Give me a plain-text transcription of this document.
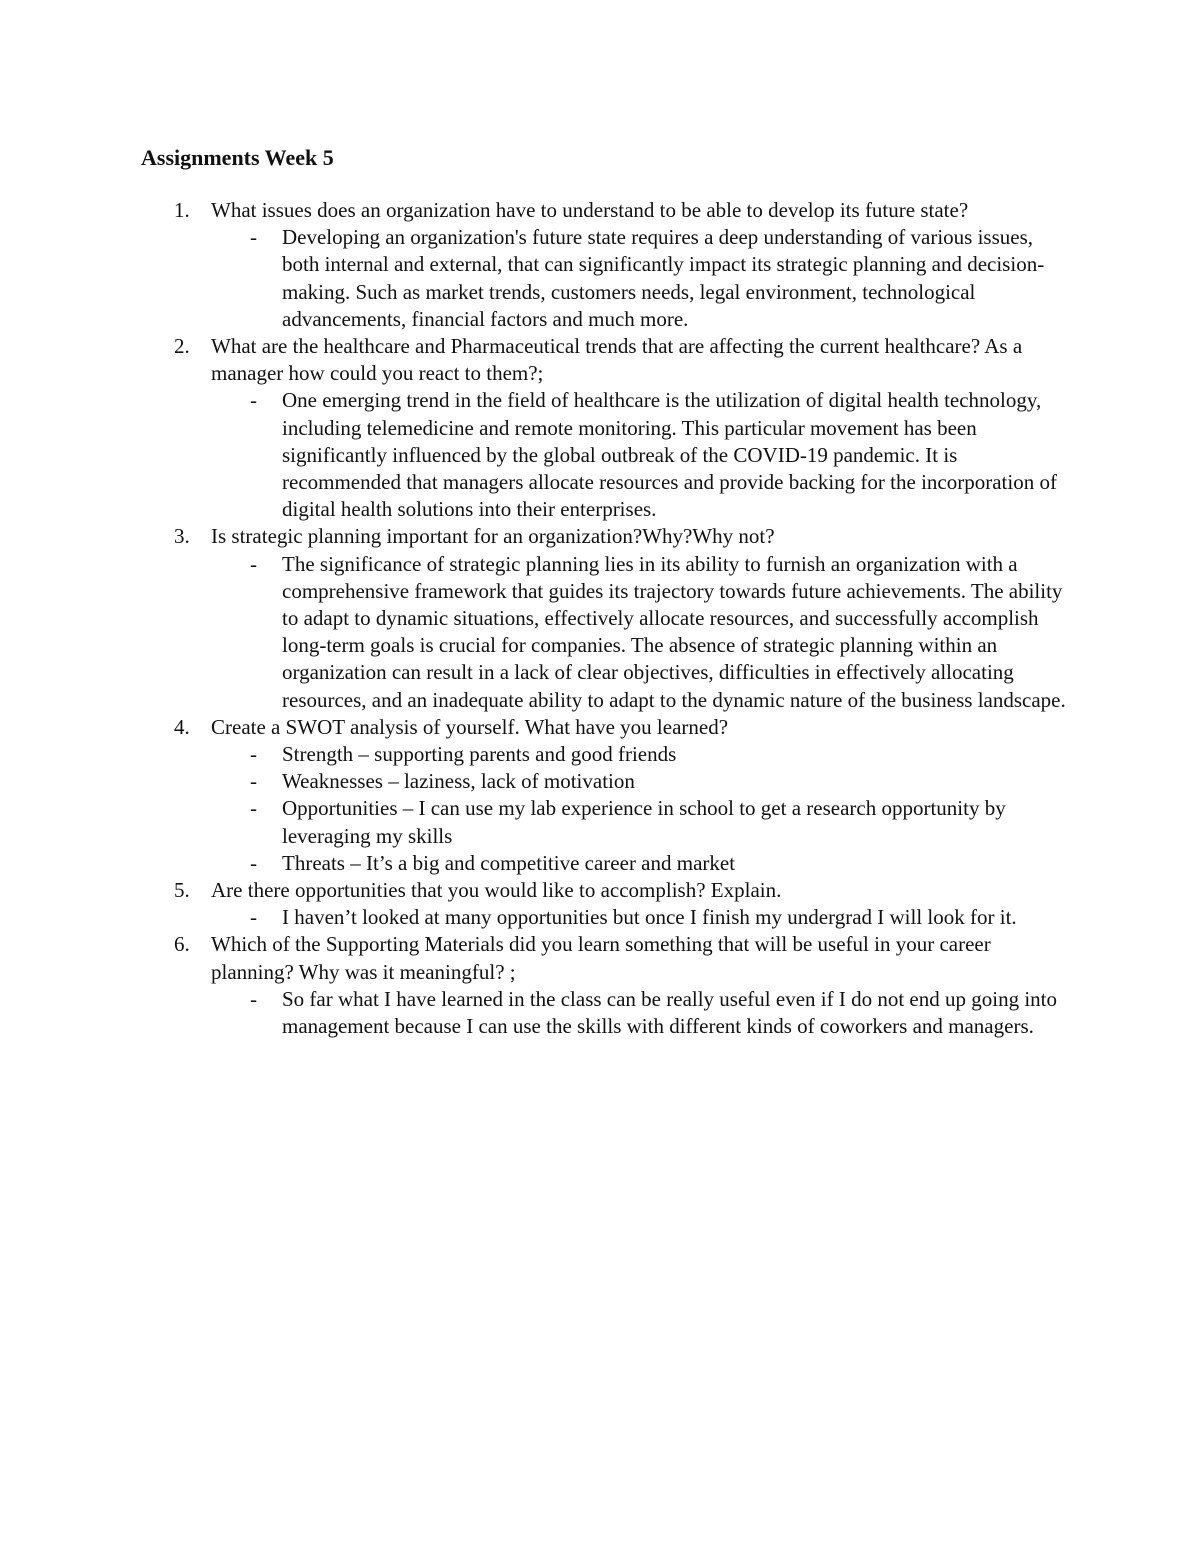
Assignments Week 5
1. What issues does an organization have to understand to be able to develop its future state?
- Developing an organization's future state requires a deep understanding of various issues, both internal and external, that can significantly impact its strategic planning and decision-making. Such as market trends, customers needs, legal environment, technological advancements, financial factors and much more.
2. What are the healthcare and Pharmaceutical trends that are affecting the current healthcare? As a manager how could you react to them?;
- One emerging trend in the field of healthcare is the utilization of digital health technology, including telemedicine and remote monitoring. This particular movement has been significantly influenced by the global outbreak of the COVID-19 pandemic. It is recommended that managers allocate resources and provide backing for the incorporation of digital health solutions into their enterprises.
3. Is strategic planning important for an organization?Why?Why not?
- The significance of strategic planning lies in its ability to furnish an organization with a comprehensive framework that guides its trajectory towards future achievements. The ability to adapt to dynamic situations, effectively allocate resources, and successfully accomplish long-term goals is crucial for companies. The absence of strategic planning within an organization can result in a lack of clear objectives, difficulties in effectively allocating resources, and an inadequate ability to adapt to the dynamic nature of the business landscape.
4. Create a SWOT analysis of yourself. What have you learned?
- Strength – supporting parents and good friends
- Weaknesses – laziness, lack of motivation
- Opportunities – I can use my lab experience in school to get a research opportunity by leveraging my skills
- Threats – It’s a big and competitive career and market
5. Are there opportunities that you would like to accomplish? Explain.
- I haven’t looked at many opportunities but once I finish my undergrad I will look for it.
6. Which of the Supporting Materials did you learn something that will be useful in your career planning? Why was it meaningful? ;
- So far what I have learned in the class can be really useful even if I do not end up going into management because I can use the skills with different kinds of coworkers and managers.
